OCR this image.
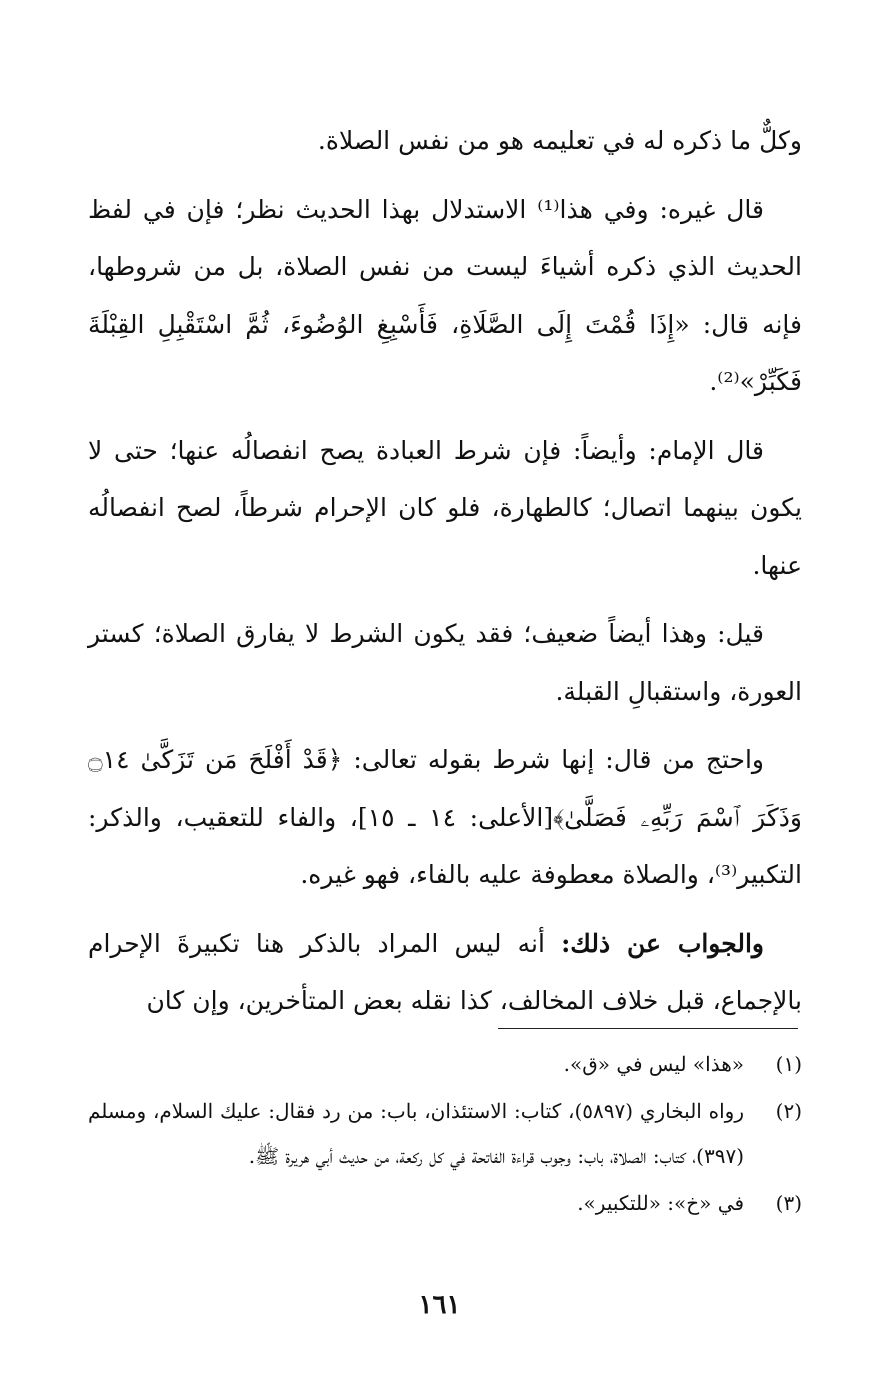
وكلٌّ ما ذكره له في تعليمه هو من نفس الصلاة.

قال غيره: وفي هذا⁽¹⁾ الاستدلال بهذا الحديث نظر؛ فإن في لفظ الحديث الذي ذكره أشياءَ ليست من نفس الصلاة، بل من شروطها، فإنه قال: «إِذَا قُمْتَ إِلَى الصَّلَاةِ، فَأَسْبِغِ الوُضُوءَ، ثُمَّ اسْتَقْبِلِ القِبْلَةَ فَكَبِّرْ»⁽²⁾.

قال الإمام: وأيضاً: فإن شرط العبادة يصح انفصالُه عنها؛ حتى لا يكون بينهما اتصال؛ كالطهارة، فلو كان الإحرام شرطاً، لصح انفصالُه عنها.

قيل: وهذا أيضاً ضعيف؛ فقد يكون الشرط لا يفارق الصلاة؛ كستر العورة، واستقبالِ القبلة.

واحتج من قال: إنها شرط بقوله تعالى: ﴿قَدْ أَفْلَحَ مَن تَزَكَّىٰ ۝١٤ وَذَكَرَ ٱسْمَ رَبِّهِۦ فَصَلَّىٰ﴾[الأعلى: ١٤ ـ ١٥]، والفاء للتعقيب، والذكر: التكبير⁽³⁾، والصلاة معطوفة عليه بالفاء، فهو غيره.

والجواب عن ذلك: أنه ليس المراد بالذكر هنا تكبيرةَ الإحرام بالإجماع، قبل خلاف المخالف، كذا نقله بعض المتأخرين، وإن كان

(١)
«هذا» ليس في «ق».
(٢)
رواه البخاري (٥٨٩٧)، كتاب: الاستئذان، باب: من رد فقال: عليك السلام، ومسلم (٣٩٧)، كتاب: الصلاة، باب: وجوب قراءة الفاتحة في كل ركعة، من حديث أبي هريرة ﷺ.
(٣)
في «خ»: «للتكبير».
١٦١
